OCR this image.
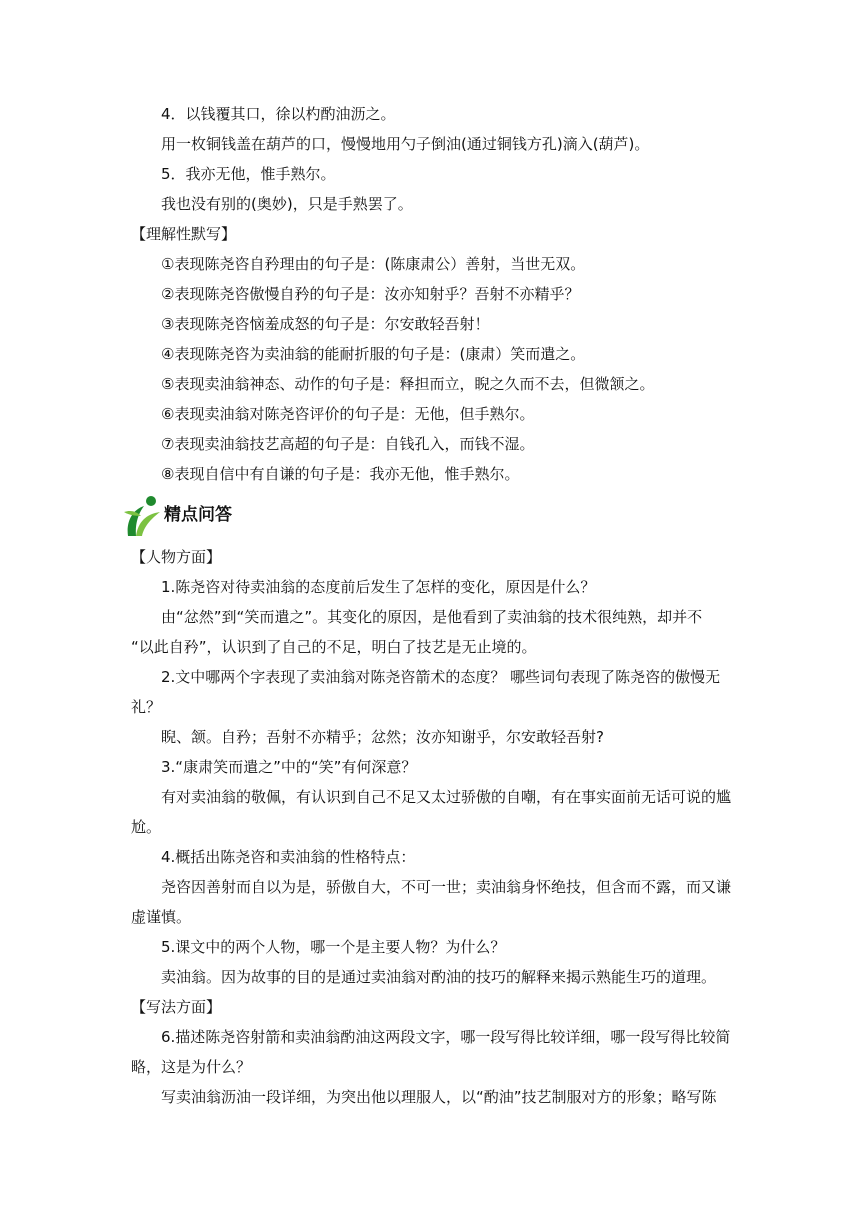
4．以钱覆其口，徐以杓酌油沥之。
用一枚铜钱盖在葫芦的口，慢慢地用勺子倒油(通过铜钱方孔)滴入(葫芦)。
5．我亦无他，惟手熟尔。
我也没有别的(奥妙)，只是手熟罢了。
【理解性默写】
①表现陈尧咨自矜理由的句子是：(陈康肃公）善射，当世无双。
②表现陈尧咨傲慢自矜的句子是：汝亦知射乎？吾射不亦精乎？
③表现陈尧咨恼羞成怒的句子是：尔安敢轻吾射！
④表现陈尧咨为卖油翁的能耐折服的句子是：(康肃）笑而遣之。
⑤表现卖油翁神态、动作的句子是：释担而立，睨之久而不去，但微颔之。
⑥表现卖油翁对陈尧咨评价的句子是：无他，但手熟尔。
⑦表现卖油翁技艺高超的句子是：自钱孔入，而钱不湿。
⑧表现自信中有自谦的句子是：我亦无他，惟手熟尔。
精点问答
【人物方面】
1.陈尧咨对待卖油翁的态度前后发生了怎样的变化，原因是什么？
由“忿然”到“笑而遣之”。其变化的原因，是他看到了卖油翁的技术很纯熟，却并不
“以此自矜”，认识到了自己的不足，明白了技艺是无止境的。
2.文中哪两个字表现了卖油翁对陈尧咨箭术的态度？ 哪些词句表现了陈尧咨的傲慢无
礼？
睨、颔。自矜；吾射不亦精乎；忿然；汝亦知谢乎，尔安敢轻吾射?
3.“康肃笑而遣之”中的“笑”有何深意？
有对卖油翁的敬佩，有认识到自己不足又太过骄傲的自嘲，有在事实面前无话可说的尴
尬。
4.概括出陈尧咨和卖油翁的性格特点：
尧咨因善射而自以为是，骄傲自大，不可一世；卖油翁身怀绝技，但含而不露，而又谦
虚谨慎。
5.课文中的两个人物，哪一个是主要人物？为什么？
卖油翁。因为故事的目的是通过卖油翁对酌油的技巧的解释来揭示熟能生巧的道理。
【写法方面】
6.描述陈尧咨射箭和卖油翁酌油这两段文字，哪一段写得比较详细，哪一段写得比较简
略，这是为什么？
写卖油翁沥油一段详细，为突出他以理服人，以“酌油”技艺制服对方的形象；略写陈
